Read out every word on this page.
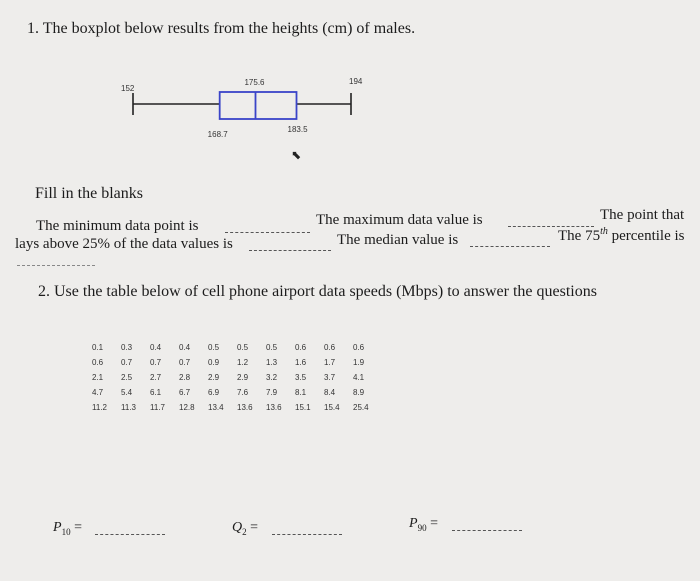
1. The boxplot below results from the heights (cm) of males.
152
175.6	194
168.7
183.5
⬉
Fill in the blanks
The minimum data point is	The maximum data value is	The point that
lays above 25% of the data values is	The median value is	The 75th percentile is
2. Use the table below of cell phone airport data speeds (Mbps) to answer the questions
0.1	0.3	0.4	0.4	0.5	0.5	0.5	0.6	0.6	0.6
0.6	0.7	0.7	0.7	0.9	1.2	1.3	1.6	1.7	1.9
2.1	2.5	2.7	2.8	2.9	2.9	3.2	3.5	3.7	4.1
4.7	5.4	6.1	6.7	6.9	7.6	7.9	8.1	8.4	8.9
11.2	11.3	11.7	12.8	13.4	13.6	13.6	15.1	15.4	25.4
$P_{10}$ =	$Q_2$ =	$P_{90}$ =
